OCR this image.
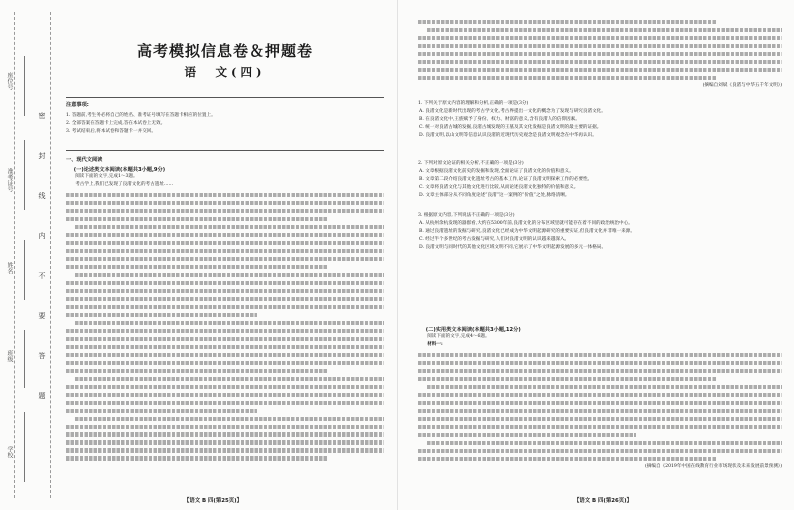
座位号
准考证号
姓名
班级
学校
密
封
线
内
不
要
答
题
高考模拟信息卷＆押题卷
语　文(四)
注意事项:

1. 答题前,考生务必将自己的姓名、准考证号填写在答题卡相应的位置上。

2. 全部答案在答题卡上完成,答在本试卷上无效。

3. 考试结束后,将本试卷和答题卡一并交回。

一、现代文阅读
(一)论述类文本阅读(本题共3小题,9分)

阅读下面的文字,完成1～3题。

考古学上,我们已发现了良渚文化的考古遗址……

【语文 B 四(第25页)】

(摘编自刘斌《良渚与中华五千年文明》)

1. 下列关于原文内容的理解和分析,正确的一项是(3分)

A. 良渚文化是新时代出现的考古学文化,考古界提出一文化的概念为了发现与研究良渚文化。

B. 在良渚文化中,王族赋予了身份、权力、财富的意义,含有良渚人的信仰因素。

C. 统一对良渚古城的发掘,良渚古城发现的王墓及其文化发掘是良渚文明的最主要的证据。

D. 良渚文明,以山文明等信息认识良渚的近现代历史观念是良渚文明观念在中华再认识。

2. 下列对原文论证的相关分析,不正确的一项是(3分)

A. 文章根据良渚文化前史的发掘和发现,全面论证了良渚文化的价值和意义。

B. 文章第二段介绍良渚文化遗址考古的基本工作,论证了良渚文明探索工作的必要性。

C. 文章将良渚文化与其他文化进行比较,从而论述良渚文化独特的价值和意义。

D. 文章主体部分从不同角度论述“良渚”这一案例的“价值”之处,脉络清晰。

3. 根据原文内容,下列说法不正确的一项是(3分)

A. 从杭州余杭发现的器群看,大约在5300年前,良渚文化的分布区域里就可能存在着不同的政治统治中心。

B. 通过良渚遗址的发掘与研究,良渚文化已经成为中华文明起源研究的重要实证,但良渚文化并非唯一来源。

C. 经过半个多世纪的考古发掘与研究,人们对良渚文明的认识越来越深入。

D. 良渚文明与同时代的其他文化区域文明不同,它展示了中华文明起源发展的多元一体格局。

(二)实用类文本阅读(本题共3小题,12分)

阅读下面的文字,完成4～6题。

材料一:

(摘编自《2019年中国在线教育行业市场现状及未来发展前景预测》)

【语文 B 四(第26页)】
